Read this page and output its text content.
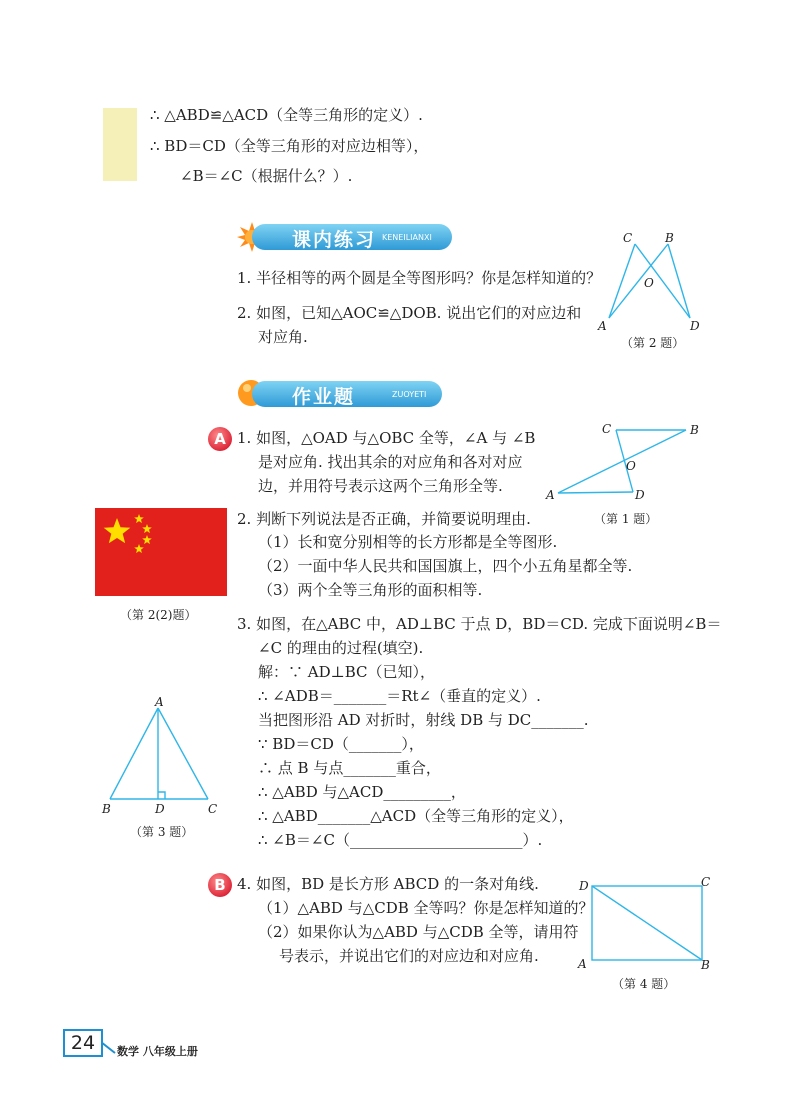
∴ △ABD≌△ACD（全等三角形的定义）.
∴ BD＝CD（全等三角形的对应边相等），
∠B＝∠C（根据什么？）.
课内练习 KENEILIANXI
1. 半径相等的两个圆是全等图形吗？你是怎样知道的？
2. 如图，已知△AOC≌△DOB. 说出它们的对应边和
对应角.
C	B
O
A	D
（第 2 题）
作业题	ZUOYETI
A 1. 如图，△OAD 与△OBC 全等，∠A 与 ∠B
是对应角. 找出其余的对应角和各对对应
边，并用符号表示这两个三角形全等.
C	B
O
A	D
（第 1 题）
（第 2(2)题）
2. 判断下列说法是否正确，并简要说明理由.
（1）长和宽分别相等的长方形都是全等图形.
（2）一面中华人民共和国国旗上，四个小五角星都全等.
（3）两个全等三角形的面积相等.
3. 如图，在△ABC 中，AD⊥BC 于点 D，BD＝CD. 完成下面说明∠B＝
∠C 的理由的过程(填空).
解：∵ AD⊥BC（已知），
∴ ∠ADB＝_______＝Rt∠（垂直的定义）.
当把图形沿 AD 对折时，射线 DB 与 DC_______.
∵ BD＝CD（_______），
∴ 点 B 与点_______重合，
∴ △ABD 与△ACD_________，
∴ △ABD_______△ACD（全等三角形的定义），
∴ ∠B＝∠C（_______________________）.
A
B	D	C
（第 3 题）
B 4. 如图，BD 是长方形 ABCD 的一条对角线.
（1）△ABD 与△CDB 全等吗？你是怎样知道的？
（2）如果你认为△ABD 与△CDB 全等，请用符
号表示，并说出它们的对应边和对应角.
D	C
A	B
（第 4 题）
24	数学 八年级上册
